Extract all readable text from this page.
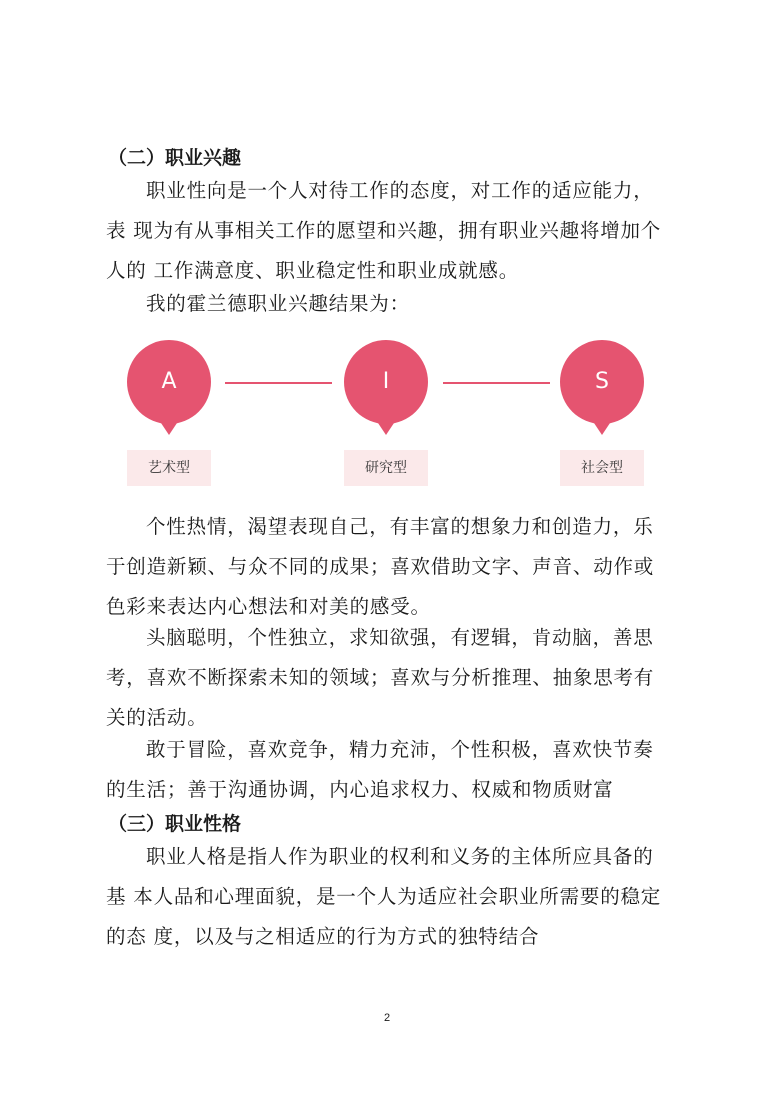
（二）职业兴趣

职业性向是一个人对待工作的态度，对工作的适应能力，
表 现为有从事相关工作的愿望和兴趣，拥有职业兴趣将增加个
人的 工作满意度、职业稳定性和职业成就感。

我的霍兰德职业兴趣结果为：

A
艺术型
I
研究型
S
社会型

个性热情，渴望表现自己，有丰富的想象力和创造力，乐
于创造新颖、与众不同的成果；喜欢借助文字、声音、动作或
色彩来表达内心想法和对美的感受。

头脑聪明，个性独立，求知欲强，有逻辑，肯动脑，善思
考，喜欢不断探索未知的领域；喜欢与分析推理、抽象思考有
关的活动。

敢于冒险，喜欢竞争，精力充沛，个性积极，喜欢快节奏
的生活；善于沟通协调，内心追求权力、权威和物质财富

（三）职业性格

职业人格是指人作为职业的权利和义务的主体所应具备的
基 本人品和心理面貌，是一个人为适应社会职业所需要的稳定
的态 度，以及与之相适应的行为方式的独特结合

2
